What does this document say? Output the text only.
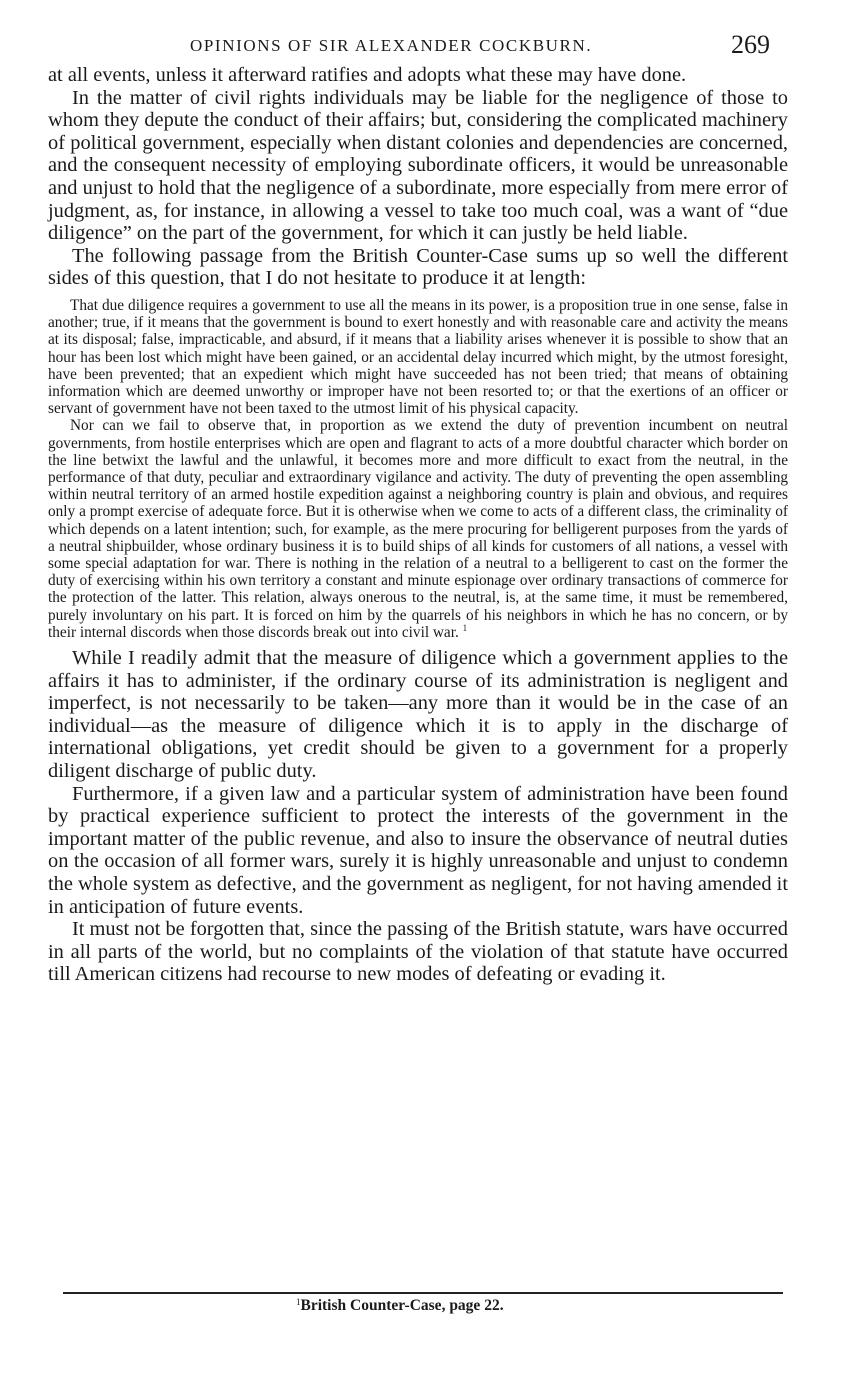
OPINIONS OF SIR ALEXANDER COCKBURN.	269

at all events, unless it afterward ratifies and adopts what these may have done.

In the matter of civil rights individuals may be liable for the negligence of those to whom they depute the conduct of their affairs; but, considering the complicated machinery of political government, especially when distant colonies and dependencies are concerned, and the consequent necessity of employing subordinate officers, it would be unreasonable and unjust to hold that the negligence of a subordinate, more especially from mere error of judgment, as, for instance, in allowing a vessel to take too much coal, was a want of “due diligence” on the part of the government, for which it can justly be held liable.

The following passage from the British Counter-Case sums up so well the different sides of this question, that I do not hesitate to produce it at length:

That due diligence requires a government to use all the means in its power, is a proposition true in one sense, false in another; true, if it means that the government is bound to exert honestly and with reasonable care and activity the means at its disposal; false, impracticable, and absurd, if it means that a liability arises whenever it is possible to show that an hour has been lost which might have been gained, or an accidental delay incurred which might, by the utmost foresight, have been prevented; that an expedient which might have succeeded has not been tried; that means of obtaining information which are deemed unworthy or improper have not been resorted to; or that the exertions of an officer or servant of government have not been taxed to the utmost limit of his physical capacity.

Nor can we fail to observe that, in proportion as we extend the duty of prevention incumbent on neutral governments, from hostile enterprises which are open and flagrant to acts of a more doubtful character which border on the line betwixt the lawful and the unlawful, it becomes more and more difficult to exact from the neutral, in the performance of that duty, peculiar and extraordinary vigilance and activity. The duty of preventing the open assembling within neutral territory of an armed hostile expedition against a neighboring country is plain and obvious, and requires only a prompt exercise of adequate force. But it is otherwise when we come to acts of a different class, the criminality of which depends on a latent intention; such, for example, as the mere procuring for belligerent purposes from the yards of a neutral shipbuilder, whose ordinary business it is to build ships of all kinds for customers of all nations, a vessel with some special adaptation for war. There is nothing in the relation of a neutral to a belligerent to cast on the former the duty of exercising within his own territory a constant and minute espionage over ordinary transactions of commerce for the protection of the latter. This relation, always onerous to the neutral, is, at the same time, it must be remembered, purely involuntary on his part. It is forced on him by the quarrels of his neighbors in which he has no concern, or by their internal discords when those discords break out into civil war. $^1$

While I readily admit that the measure of diligence which a government applies to the affairs it has to administer, if the ordinary course of its administration is negligent and imperfect, is not necessarily to be taken—any more than it would be in the case of an individual—as the measure of diligence which it is to apply in the discharge of international obligations, yet credit should be given to a government for a properly diligent discharge of public duty.

Furthermore, if a given law and a particular system of administration have been found by practical experience sufficient to protect the interests of the government in the important matter of the public revenue, and also to insure the observance of neutral duties on the occasion of all former wars, surely it is highly unreasonable and unjust to condemn the whole system as defective, and the government as negligent, for not having amended it in anticipation of future events.

It must not be forgotten that, since the passing of the British statute, wars have occurred in all parts of the world, but no complaints of the violation of that statute have occurred till American citizens had recourse to new modes of defeating or evading it.

$^1$British Counter-Case, page 22.
